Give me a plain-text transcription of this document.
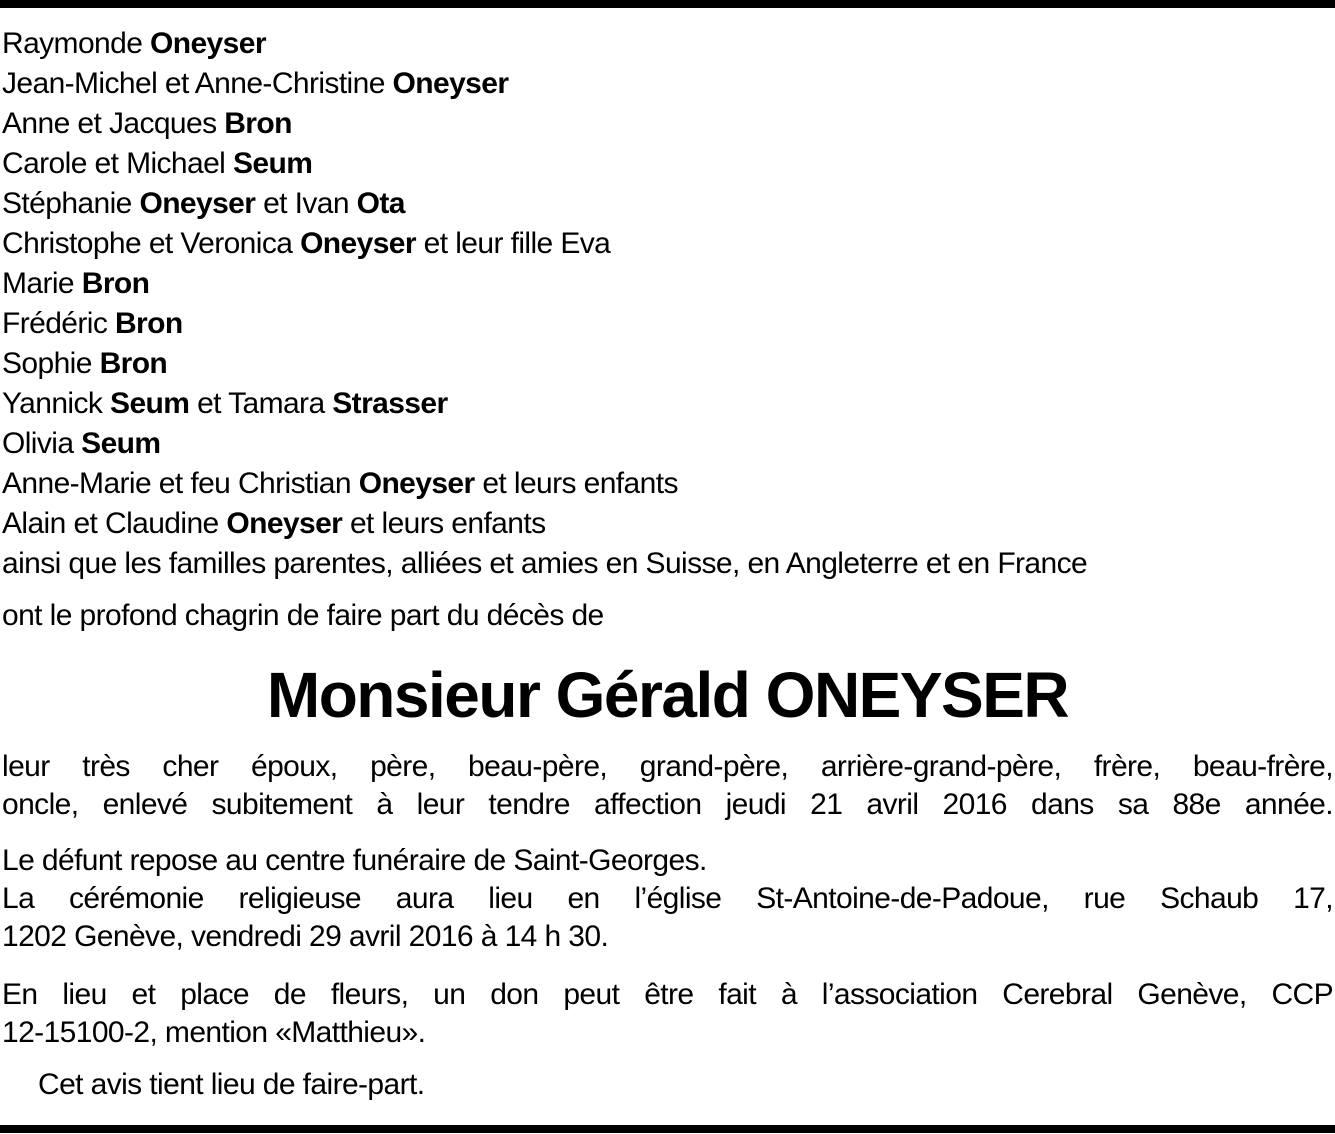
Raymonde Oneyser
Jean-Michel et Anne-Christine Oneyser
Anne et Jacques Bron
Carole et Michael Seum
Stéphanie Oneyser et Ivan Ota
Christophe et Veronica Oneyser et leur fille Eva
Marie Bron
Frédéric Bron
Sophie Bron
Yannick Seum et Tamara Strasser
Olivia Seum
Anne-Marie et feu Christian Oneyser et leurs enfants
Alain et Claudine Oneyser et leurs enfants
ainsi que les familles parentes, alliées et amies en Suisse, en Angleterre et en France
ont le profond chagrin de faire part du décès de
Monsieur Gérald ONEYSER
leur très cher époux, père, beau-père, grand-père, arrière-grand-père, frère, beau-frère,
oncle, enlevé subitement à leur tendre affection jeudi 21 avril 2016 dans sa 88e année.
Le défunt repose au centre funéraire de Saint-Georges.
La cérémonie religieuse aura lieu en l’église St-Antoine-de-Padoue, rue Schaub 17,
1202 Genève, vendredi 29 avril 2016 à 14 h 30.
En lieu et place de fleurs, un don peut être fait à l’association Cerebral Genève, CCP
12-15100-2, mention «Matthieu».
Cet avis tient lieu de faire-part.
